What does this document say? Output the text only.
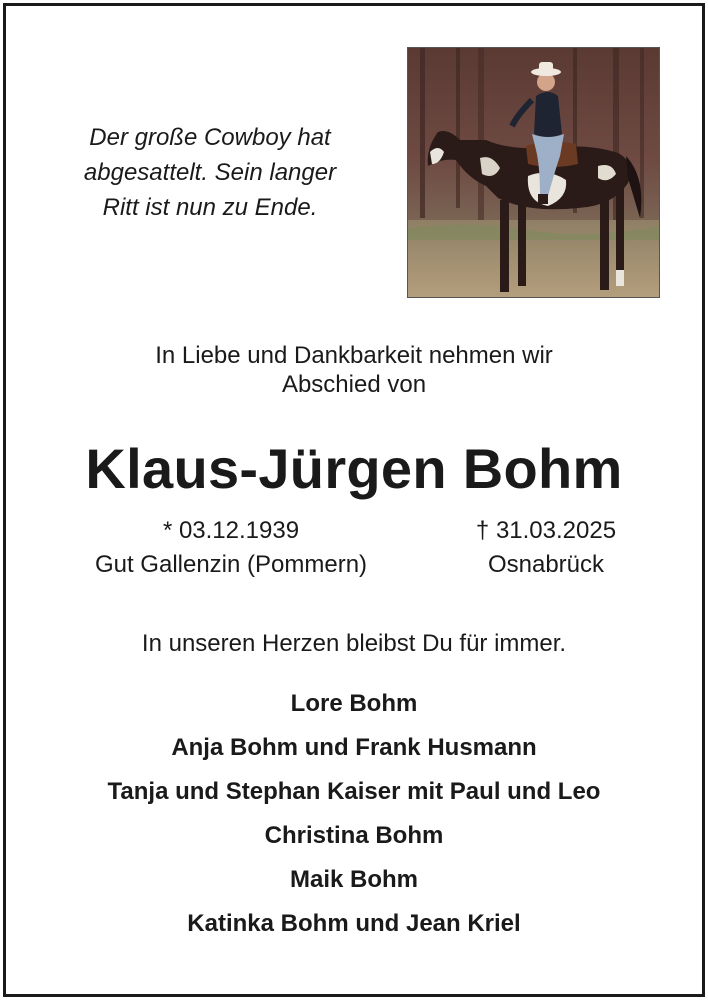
Der große Cowboy hat
abgesattelt. Sein langer
Ritt ist nun zu Ende.
In Liebe und Dankbarkeit nehmen wir
Abschied von
Klaus-Jürgen Bohm
* 03.12.1939
Gut Gallenzin (Pommern)
† 31.03.2025
Osnabrück
In unseren Herzen bleibst Du für immer.
Lore Bohm
Anja Bohm und Frank Husmann
Tanja und Stephan Kaiser mit Paul und Leo
Christina Bohm
Maik Bohm
Katinka Bohm und Jean Kriel
